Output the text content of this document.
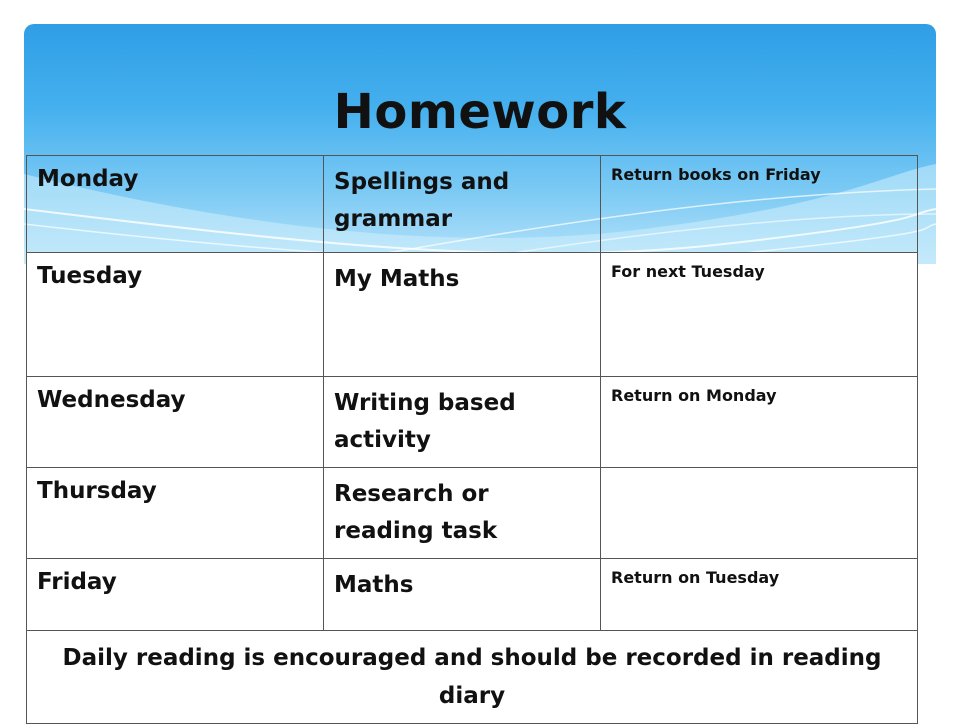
Homework
Monday	Spellings and grammar	Return books on Friday
Tuesday	My Maths	For next Tuesday
Wednesday	Writing based activity	Return on Monday
Thursday	Research or reading task	
Friday	Maths	Return on Tuesday
Daily reading is encouraged and should be recorded in reading diary		
